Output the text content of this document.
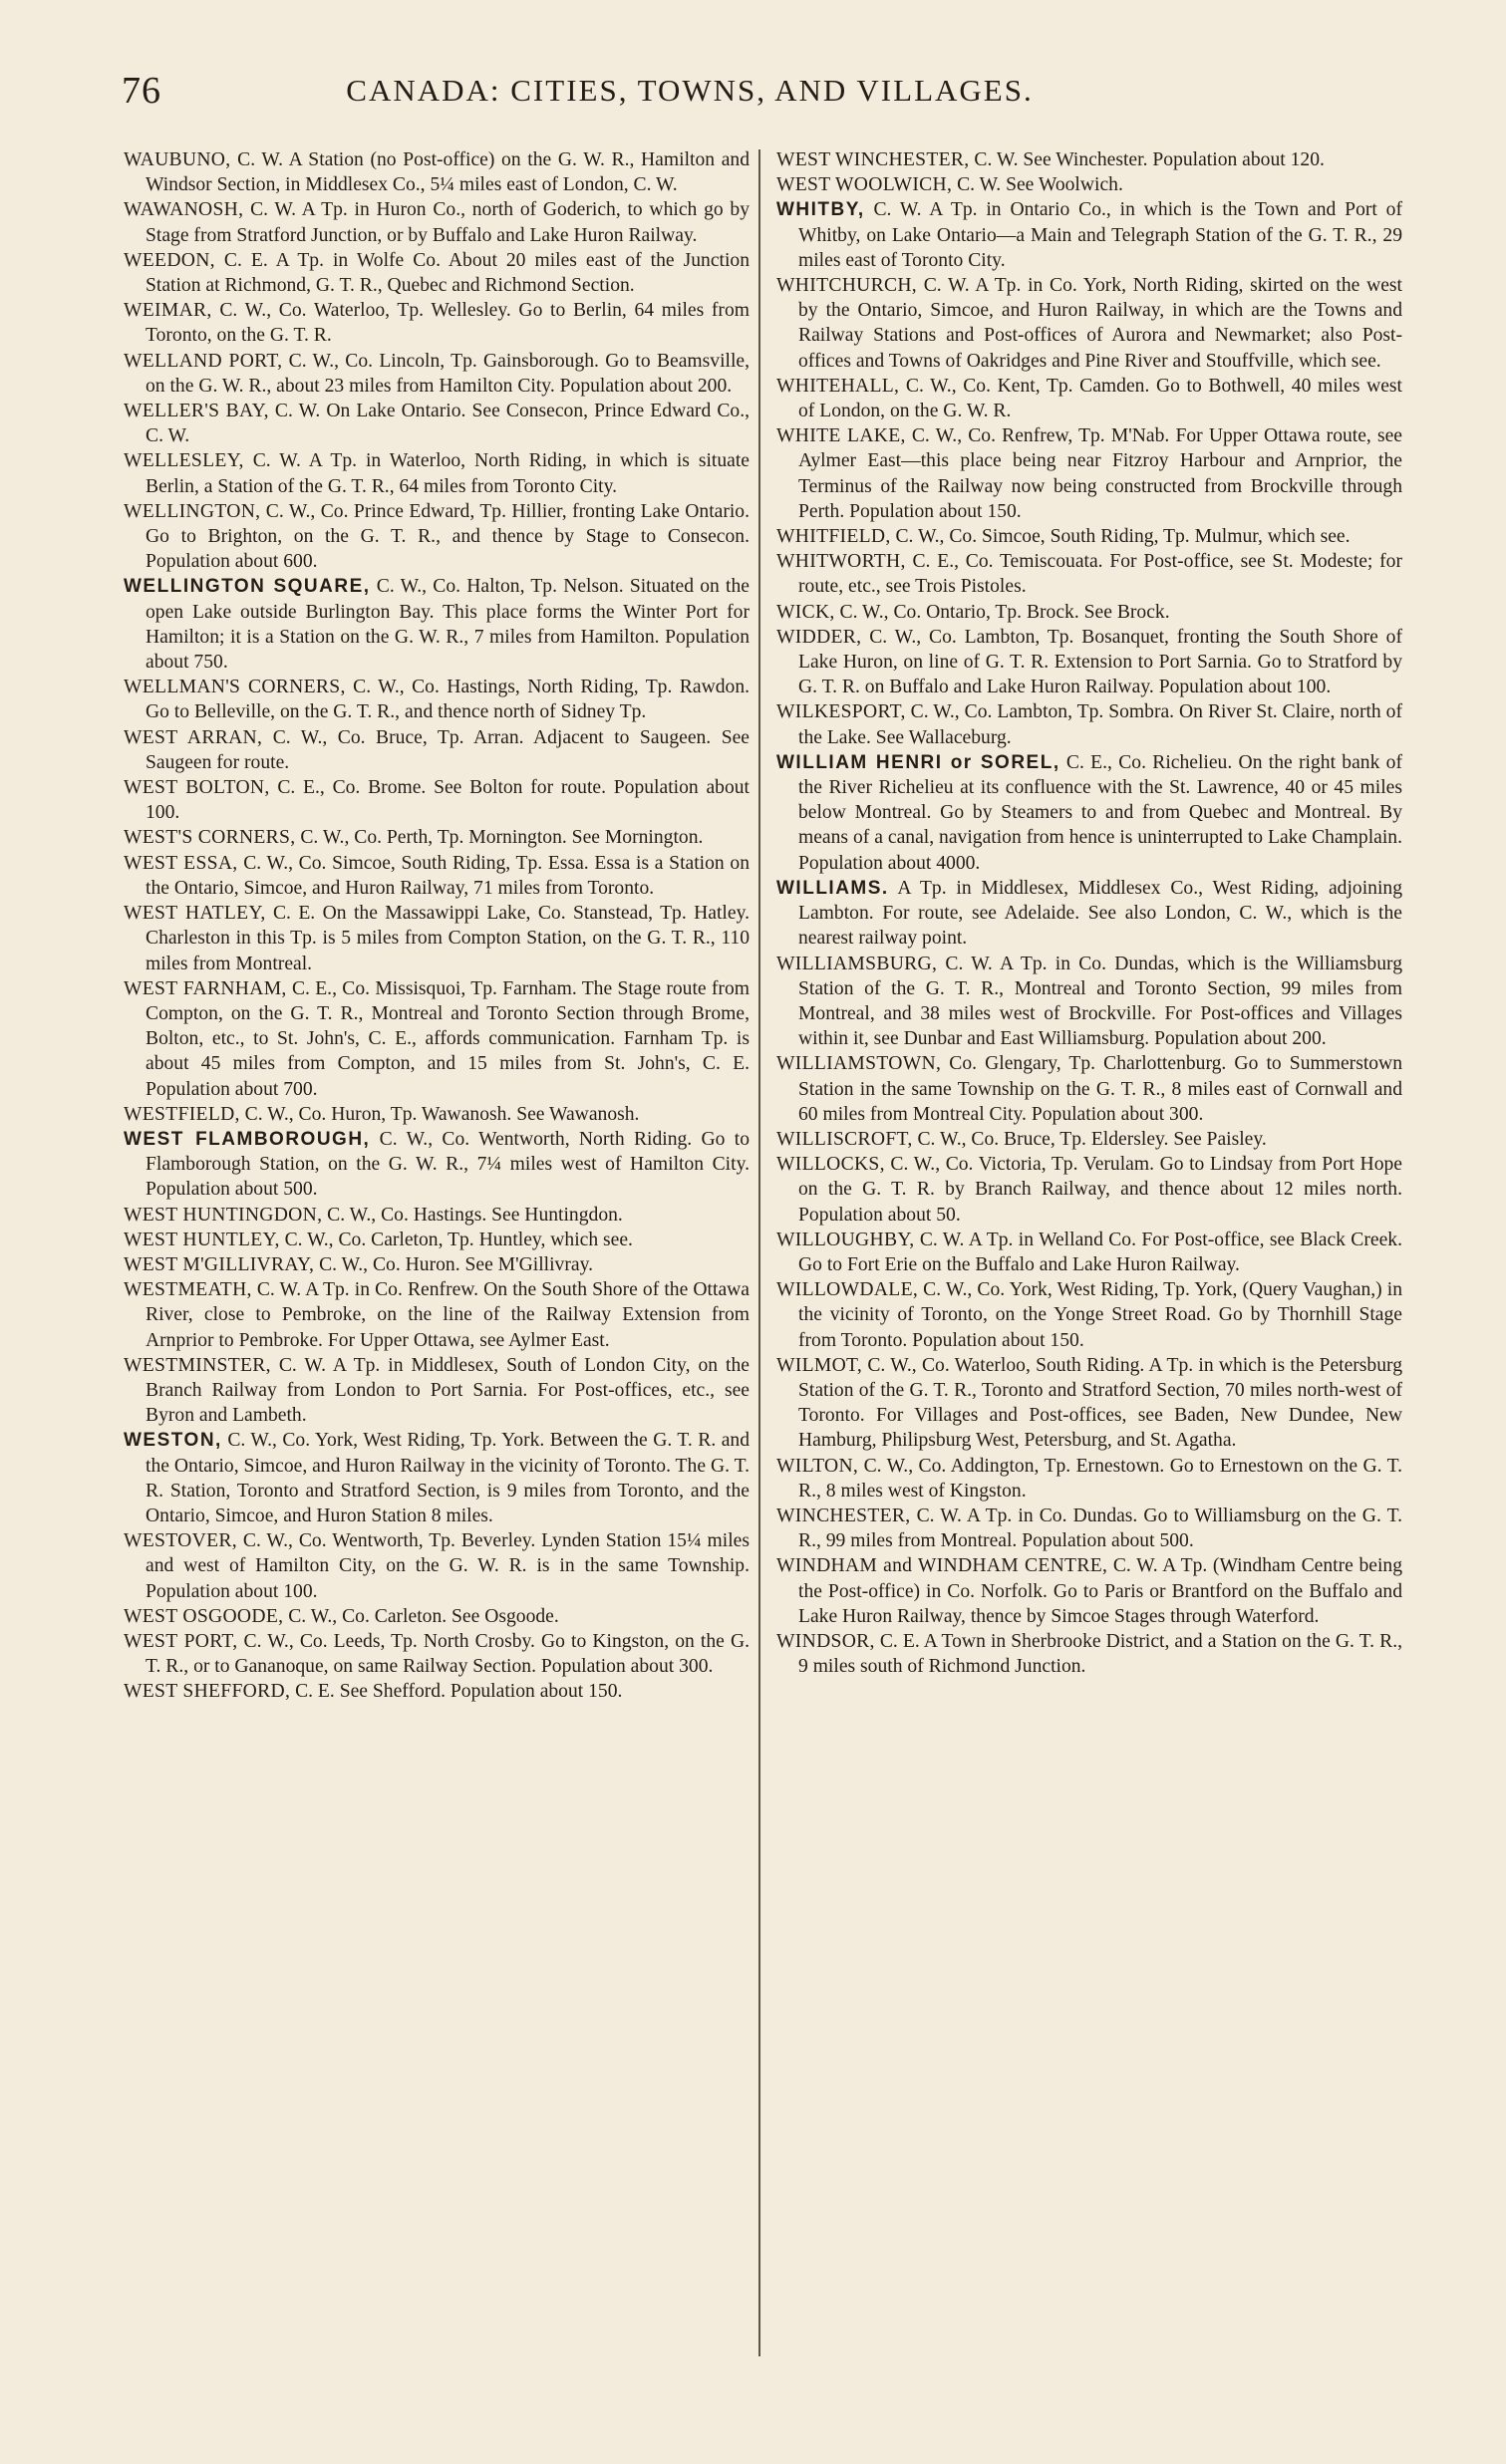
76	CANADA: CITIES, TOWNS, AND VILLAGES.

WAUBUNO, C. W. A Station (no Post-office) on the G. W. R., Hamilton and Windsor Section, in Middlesex Co., 5¼ miles east of London, C. W.

WAWANOSH, C. W. A Tp. in Huron Co., north of Goderich, to which go by Stage from Stratford Junction, or by Buffalo and Lake Huron Railway.

WEEDON, C. E. A Tp. in Wolfe Co. About 20 miles east of the Junction Station at Richmond, G. T. R., Quebec and Richmond Section.

WEIMAR, C. W., Co. Waterloo, Tp. Wellesley. Go to Berlin, 64 miles from Toronto, on the G. T. R.

WELLAND PORT, C. W., Co. Lincoln, Tp. Gainsborough. Go to Beamsville, on the G. W. R., about 23 miles from Hamilton City. Population about 200.

WELLER'S BAY, C. W. On Lake Ontario. See Consecon, Prince Edward Co., C. W.

WELLESLEY, C. W. A Tp. in Waterloo, North Riding, in which is situate Berlin, a Station of the G. T. R., 64 miles from Toronto City.

WELLINGTON, C. W., Co. Prince Edward, Tp. Hillier, fronting Lake Ontario. Go to Brighton, on the G. T. R., and thence by Stage to Consecon. Population about 600.

WELLINGTON SQUARE, C. W., Co. Halton, Tp. Nelson. Situated on the open Lake outside Burlington Bay. This place forms the Winter Port for Hamilton; it is a Station on the G. W. R., 7 miles from Hamilton. Population about 750.

WELLMAN'S CORNERS, C. W., Co. Hastings, North Riding, Tp. Rawdon. Go to Belleville, on the G. T. R., and thence north of Sidney Tp.

WEST ARRAN, C. W., Co. Bruce, Tp. Arran. Adjacent to Saugeen. See Saugeen for route.

WEST BOLTON, C. E., Co. Brome. See Bolton for route. Population about 100.

WEST'S CORNERS, C. W., Co. Perth, Tp. Mornington. See Mornington.

WEST ESSA, C. W., Co. Simcoe, South Riding, Tp. Essa. Essa is a Station on the Ontario, Simcoe, and Huron Railway, 71 miles from Toronto.

WEST HATLEY, C. E. On the Massawippi Lake, Co. Stanstead, Tp. Hatley. Charleston in this Tp. is 5 miles from Compton Station, on the G. T. R., 110 miles from Montreal.

WEST FARNHAM, C. E., Co. Missisquoi, Tp. Farnham. The Stage route from Compton, on the G. T. R., Montreal and Toronto Section through Brome, Bolton, etc., to St. John's, C. E., affords communication. Farnham Tp. is about 45 miles from Compton, and 15 miles from St. John's, C. E. Population about 700.

WESTFIELD, C. W., Co. Huron, Tp. Wawanosh. See Wawanosh.

WEST FLAMBOROUGH, C. W., Co. Wentworth, North Riding. Go to Flamborough Station, on the G. W. R., 7¼ miles west of Hamilton City. Population about 500.

WEST HUNTINGDON, C. W., Co. Hastings. See Huntingdon.

WEST HUNTLEY, C. W., Co. Carleton, Tp. Huntley, which see.

WEST M'GILLIVRAY, C. W., Co. Huron. See M'Gillivray.

WESTMEATH, C. W. A Tp. in Co. Renfrew. On the South Shore of the Ottawa River, close to Pembroke, on the line of the Railway Extension from Arnprior to Pembroke. For Upper Ottawa, see Aylmer East.

WESTMINSTER, C. W. A Tp. in Middlesex, South of London City, on the Branch Railway from London to Port Sarnia. For Post-offices, etc., see Byron and Lambeth.

WESTON, C. W., Co. York, West Riding, Tp. York. Between the G. T. R. and the Ontario, Simcoe, and Huron Railway in the vicinity of Toronto. The G. T. R. Station, Toronto and Stratford Section, is 9 miles from Toronto, and the Ontario, Simcoe, and Huron Station 8 miles.

WESTOVER, C. W., Co. Wentworth, Tp. Beverley. Lynden Station 15¼ miles and west of Hamilton City, on the G. W. R. is in the same Township. Population about 100.

WEST OSGOODE, C. W., Co. Carleton. See Osgoode.

WEST PORT, C. W., Co. Leeds, Tp. North Crosby. Go to Kingston, on the G. T. R., or to Gananoque, on same Railway Section. Population about 300.

WEST SHEFFORD, C. E. See Shefford. Population about 150.

WEST WINCHESTER, C. W. See Winchester. Population about 120.

WEST WOOLWICH, C. W. See Woolwich.

WHITBY, C. W. A Tp. in Ontario Co., in which is the Town and Port of Whitby, on Lake Ontario—a Main and Telegraph Station of the G. T. R., 29 miles east of Toronto City.

WHITCHURCH, C. W. A Tp. in Co. York, North Riding, skirted on the west by the Ontario, Simcoe, and Huron Railway, in which are the Towns and Railway Stations and Post-offices of Aurora and Newmarket; also Post-offices and Towns of Oakridges and Pine River and Stouffville, which see.

WHITEHALL, C. W., Co. Kent, Tp. Camden. Go to Bothwell, 40 miles west of London, on the G. W. R.

WHITE LAKE, C. W., Co. Renfrew, Tp. M'Nab. For Upper Ottawa route, see Aylmer East—this place being near Fitzroy Harbour and Arnprior, the Terminus of the Railway now being constructed from Brockville through Perth. Population about 150.

WHITFIELD, C. W., Co. Simcoe, South Riding, Tp. Mulmur, which see.

WHITWORTH, C. E., Co. Temiscouata. For Post-office, see St. Modeste; for route, etc., see Trois Pistoles.

WICK, C. W., Co. Ontario, Tp. Brock. See Brock.

WIDDER, C. W., Co. Lambton, Tp. Bosanquet, fronting the South Shore of Lake Huron, on line of G. T. R. Extension to Port Sarnia. Go to Stratford by G. T. R. on Buffalo and Lake Huron Railway. Population about 100.

WILKESPORT, C. W., Co. Lambton, Tp. Sombra. On River St. Claire, north of the Lake. See Wallaceburg.

WILLIAM HENRI or SOREL, C. E., Co. Richelieu. On the right bank of the River Richelieu at its confluence with the St. Lawrence, 40 or 45 miles below Montreal. Go by Steamers to and from Quebec and Montreal. By means of a canal, navigation from hence is uninterrupted to Lake Champlain. Population about 4000.

WILLIAMS. A Tp. in Middlesex, Middlesex Co., West Riding, adjoining Lambton. For route, see Adelaide. See also London, C. W., which is the nearest railway point.

WILLIAMSBURG, C. W. A Tp. in Co. Dundas, which is the Williamsburg Station of the G. T. R., Montreal and Toronto Section, 99 miles from Montreal, and 38 miles west of Brockville. For Post-offices and Villages within it, see Dunbar and East Williamsburg. Population about 200.

WILLIAMSTOWN, Co. Glengary, Tp. Charlottenburg. Go to Summerstown Station in the same Township on the G. T. R., 8 miles east of Cornwall and 60 miles from Montreal City. Population about 300.

WILLISCROFT, C. W., Co. Bruce, Tp. Eldersley. See Paisley.

WILLOCKS, C. W., Co. Victoria, Tp. Verulam. Go to Lindsay from Port Hope on the G. T. R. by Branch Railway, and thence about 12 miles north. Population about 50.

WILLOUGHBY, C. W. A Tp. in Welland Co. For Post-office, see Black Creek. Go to Fort Erie on the Buffalo and Lake Huron Railway.

WILLOWDALE, C. W., Co. York, West Riding, Tp. York, (Query Vaughan,) in the vicinity of Toronto, on the Yonge Street Road. Go by Thornhill Stage from Toronto. Population about 150.

WILMOT, C. W., Co. Waterloo, South Riding. A Tp. in which is the Petersburg Station of the G. T. R., Toronto and Stratford Section, 70 miles north-west of Toronto. For Villages and Post-offices, see Baden, New Dundee, New Hamburg, Philipsburg West, Petersburg, and St. Agatha.

WILTON, C. W., Co. Addington, Tp. Ernestown. Go to Ernestown on the G. T. R., 8 miles west of Kingston.

WINCHESTER, C. W. A Tp. in Co. Dundas. Go to Williamsburg on the G. T. R., 99 miles from Montreal. Population about 500.

WINDHAM and WINDHAM CENTRE, C. W. A Tp. (Windham Centre being the Post-office) in Co. Norfolk. Go to Paris or Brantford on the Buffalo and Lake Huron Railway, thence by Simcoe Stages through Waterford.

WINDSOR, C. E. A Town in Sherbrooke District, and a Station on the G. T. R., 9 miles south of Richmond Junction.
